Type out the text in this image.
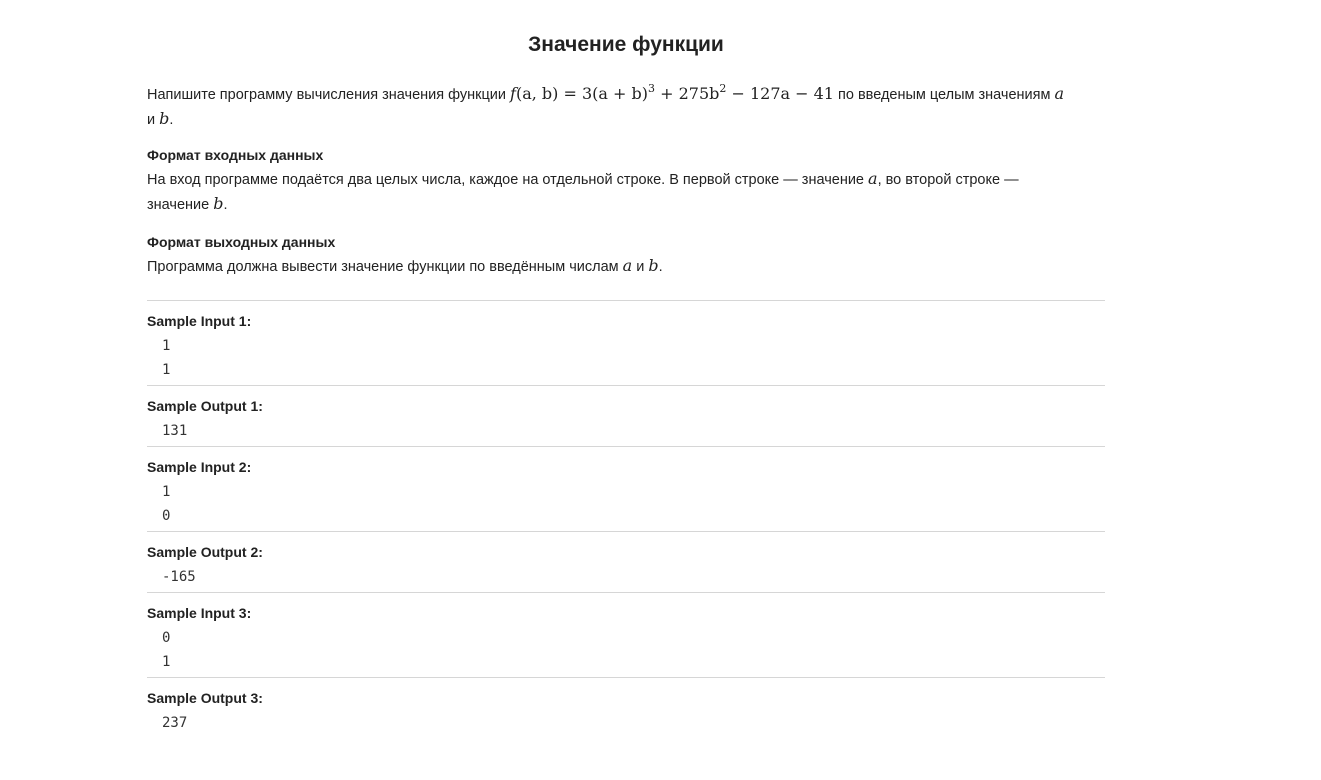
Значение функции

Напишите программу вычисления значения функции f(a, $b) = 3(a + b)^3 + 275b^2 - 127a - 41$ по введеным целым значениям a
и b.

Формат входных данных

На вход программе подаётся два целых числа, каждое на отдельной строке. В первой строке — значение a, во второй строке —
значение b.

Формат выходных данных

Программа должна вывести значение функции по введённым числам a и b.

Sample Input 1:

1
1

Sample Output 1:

131

Sample Input 2:

1
0

Sample Output 2:

-165

Sample Input 3:

0
1

Sample Output 3:

237
